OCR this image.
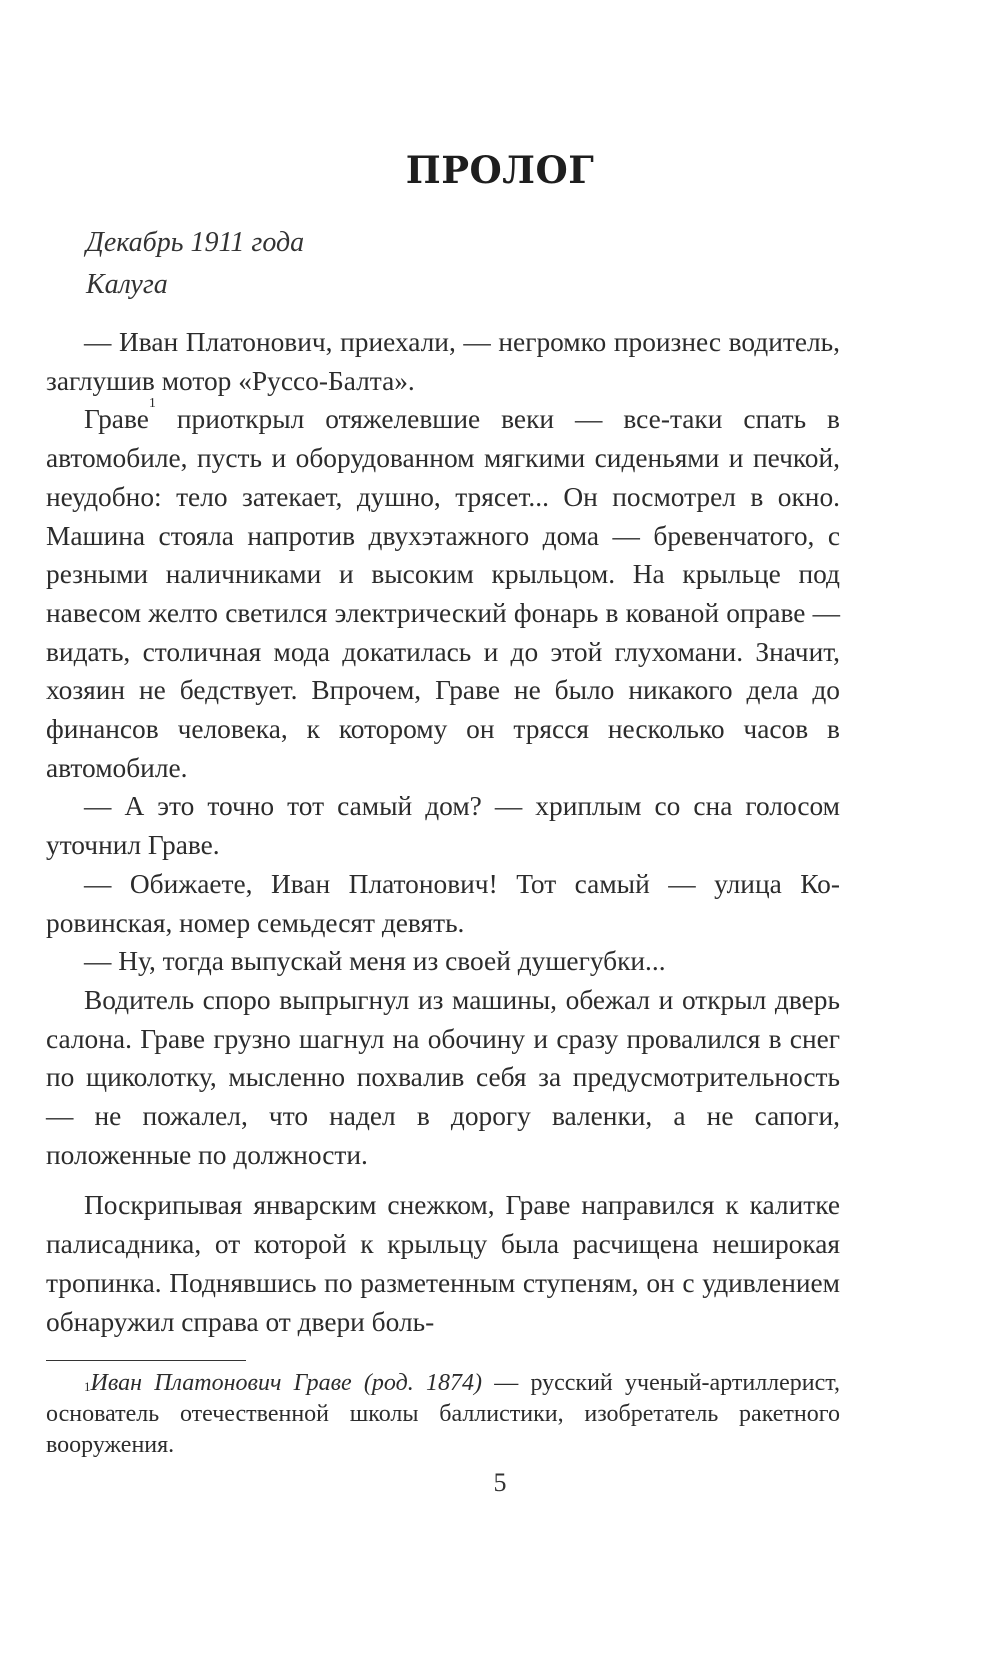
ПРОЛОГ
Декабрь 1911 года
Калуга

— Иван Платонович, приехали, — негромко произнес водитель, заглушив мотор «Руссо-Балта».

Граве$^1$ приоткрыл отяжелевшие веки — все-таки спать в автомобиле, пусть и оборудованном мягкими сиденьями и печкой, неудобно: тело затекает, душно, трясет... Он посмотрел в окно. Машина стояла напротив двухэтажного дома — бревенчатого, с резными наличниками и высоким крыльцом. На крыльце под навесом желто светился электрический фонарь в кованой оправе — видать, столичная мода докатилась и до этой глухомани. Значит, хозяин не бедствует. Впрочем, Граве не было никакого дела до финансов человека, к которому он трясся несколько часов в автомобиле.

— А это точно тот самый дом? — хриплым со сна голосом уточнил Граве.

— Обижаете, Иван Платонович! Тот самый — улица Коровинская, номер семьдесят девять.

— Ну, тогда выпускай меня из своей душегубки...

Водитель споро выпрыгнул из машины, обежал и открыл дверь салона. Граве грузно шагнул на обочину и сразу провалился в снег по щиколотку, мысленно похвалив себя за предусмотрительность — не пожалел, что надел в дорогу валенки, а не сапоги, положенные по должности.

Поскрипывая январским снежком, Граве направился к калитке палисадника, от которой к крыльцу была расчищена неширокая тропинка. Поднявшись по разметенным ступеням, он с удивлением обнаружил справа от двери боль-

$^1$Иван Платонович Граве (род. 1874) — русский ученый-артиллерист, основатель отечественной школы баллистики, изобретатель ракетного вооружения.
5
